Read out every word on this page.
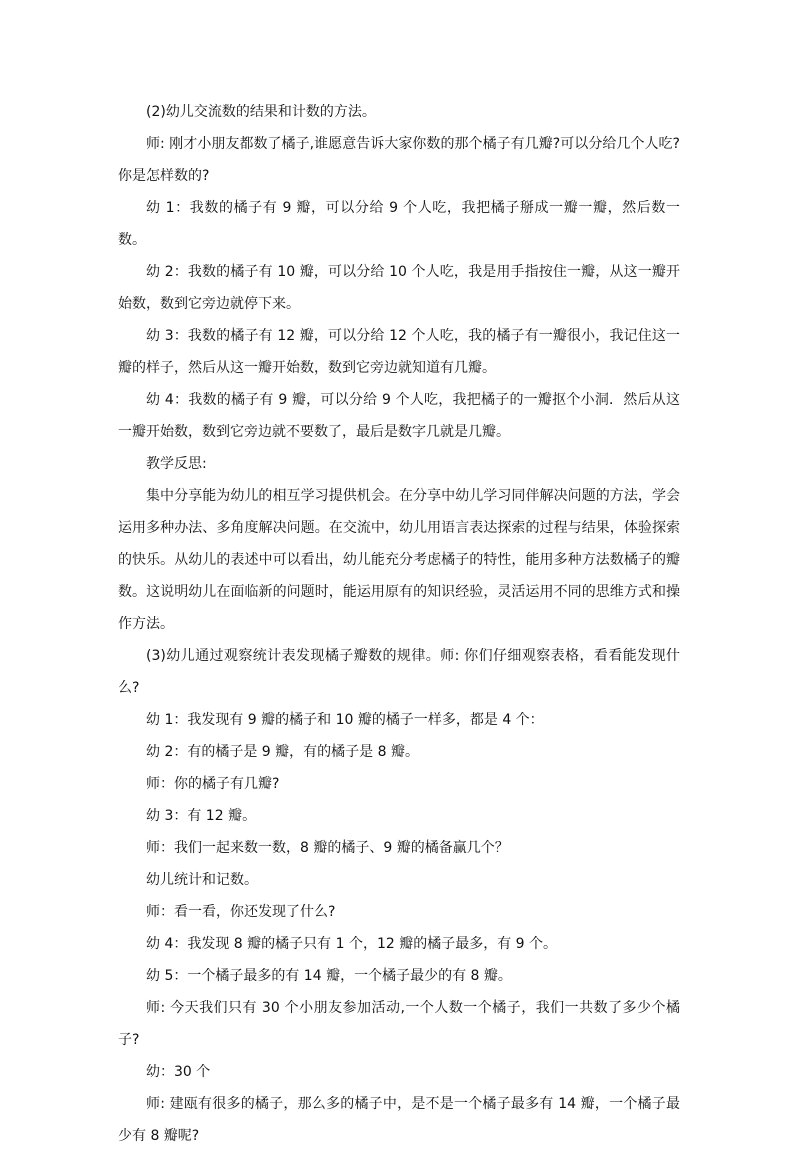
(2)幼儿交流数的结果和计数的方法。

师: 刚才小朋友都数了橘子,谁愿意告诉大家你数的那个橘子有几瓣?可以分给几个人吃?你是怎样数的?

幼 1：我数的橘子有 9 瓣，可以分给 9 个人吃，我把橘子掰成一瓣一瓣，然后数一数。

幼 2：我数的橘子有 10 瓣，可以分给 10 个人吃，我是用手指按住一瓣，从这一瓣开始数，数到它旁边就停下来。

幼 3：我数的橘子有 12 瓣，可以分给 12 个人吃，我的橘子有一瓣很小，我记住这一瓣的样子，然后从这一瓣开始数，数到它旁边就知道有几瓣。

幼 4：我数的橘子有 9 瓣，可以分给 9 个人吃，我把橘子的一瓣抠个小洞．然后从这一瓣开始数，数到它旁边就不要数了，最后是数字几就是几瓣。

教学反思:

集中分享能为幼儿的相互学习提供机会。在分享中幼儿学习同伴解决问题的方法，学会运用多种办法、多角度解决问题。在交流中，幼儿用语言表达探索的过程与结果，体验探索的快乐。从幼儿的表述中可以看出，幼儿能充分考虑橘子的特性，能用多种方法数橘子的瓣数。这说明幼儿在面临新的问题时，能运用原有的知识经验，灵活运用不同的思维方式和操作方法。

(3)幼儿通过观察统计表发现橘子瓣数的规律。师: 你们仔细观察表格，看看能发现什么?

幼 1：我发现有 9 瓣的橘子和 10 瓣的橘子一样多，都是 4 个：

幼 2：有的橘子是 9 瓣，有的橘子是 8 瓣。

师：你的橘子有几瓣?

幼 3：有 12 瓣。

师：我们一起来数一数，8 瓣的橘子、9 瓣的橘备赢几个？

幼儿统计和记数。

师：看一看，你还发现了什么?

幼 4：我发现 8 瓣的橘子只有 1 个，12 瓣的橘子最多，有 9 个。

幼 5：一个橘子最多的有 14 瓣，一个橘子最少的有 8 瓣。

师: 今天我们只有 30 个小朋友参加活动,一个人数一个橘子，我们一共数了多少个橘子?

幼：30 个

师: 建瓯有很多的橘子，那么多的橘子中，是不是一个橘子最多有 14 瓣，一个橘子最少有 8 瓣呢?
